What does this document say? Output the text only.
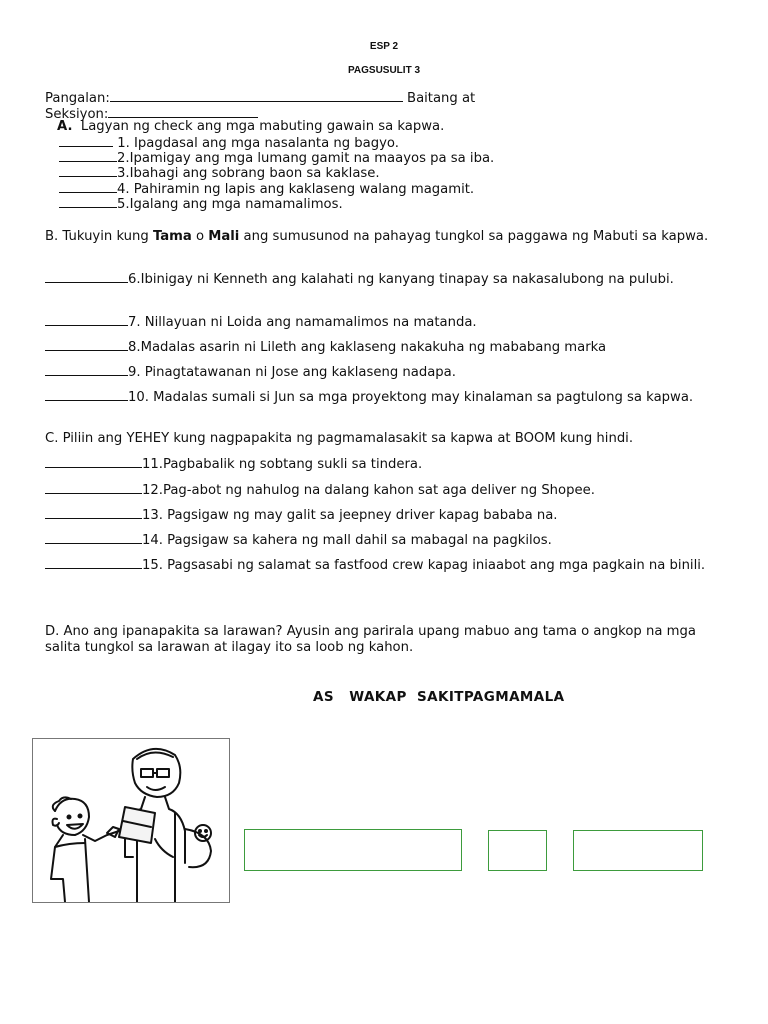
ESP 2
PAGSUSULIT 3
Pangalan:	Baitang at
Seksiyon:
A. Lagyan ng check ang mga mabuting gawain sa kapwa.
1. Ipagdasal ang mga nasalanta ng bagyo.
2.Ipamigay ang mga lumang gamit na maayos pa sa iba.
3.Ibahagi ang sobrang baon sa kaklase.
4. Pahiramin ng lapis ang kaklaseng walang magamit.
5.Igalang ang mga namamalimos.
B. Tukuyin kung Tama o Mali ang sumusunod na pahayag tungkol sa paggawa ng Mabuti sa kapwa.
6.Ibinigay ni Kenneth ang kalahati ng kanyang tinapay sa nakasalubong na pulubi.
7. Nillayuan ni Loida ang namamalimos na matanda.
8.Madalas asarin ni Lileth ang kaklaseng nakakuha ng mababang marka
9. Pinagtatawanan ni Jose ang kaklaseng nadapa.
10. Madalas sumali si Jun sa mga proyektong may kinalaman sa pagtulong sa kapwa.
C. Piliin ang YEHEY kung nagpapakita ng pagmamalasakit sa kapwa at BOOM kung hindi.
11.Pagbabalik ng sobtang sukli sa tindera.
12.Pag-abot ng nahulog na dalang kahon sat aga deliver ng Shopee.
13. Pagsigaw ng may galit sa jeepney driver kapag bababa na.
14. Pagsigaw sa kahera ng mall dahil sa mabagal na pagkilos.
15. Pagsasabi ng salamat sa fastfood crew kapag iniaabot ang mga pagkain na binili.
D. Ano ang ipanapakita sa larawan? Ayusin ang parirala upang mabuo ang tama o angkop na mga salita tungkol sa larawan at ilagay ito sa loob ng kahon.
AS   WAKAP  SAKITPAGMAMALA
